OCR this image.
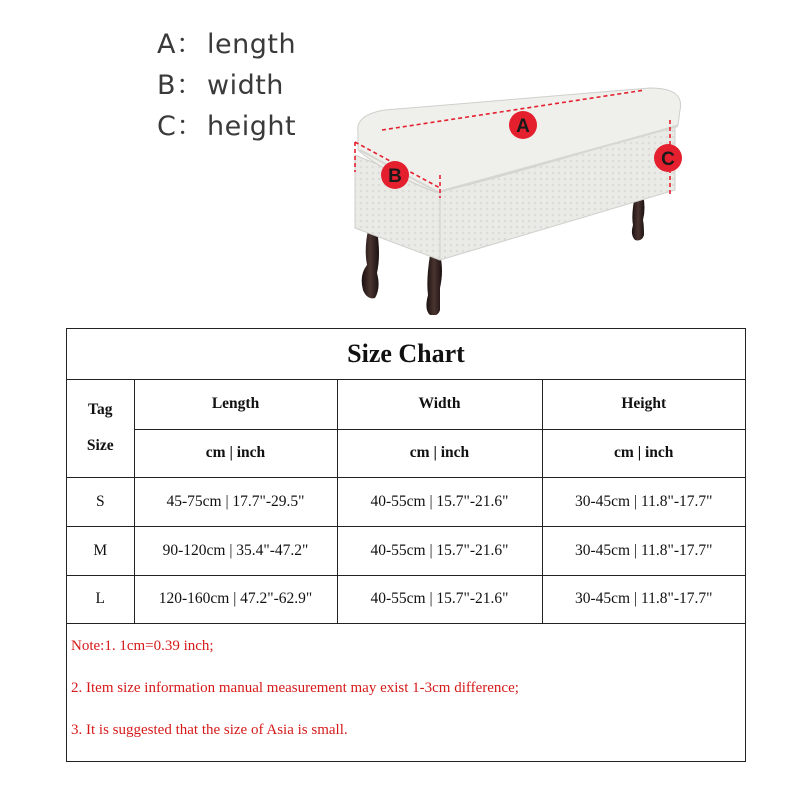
A： length
B： width
C： height	A
B
C
Size Chart
Tag
Size	Length	Width	Height
	cm | inch	cm | inch	cm | inch
S	45-75cm | 17.7"-29.5"	40-55cm | 15.7"-21.6"	30-45cm | 11.8"-17.7"
M	90-120cm | 35.4"-47.2"	40-55cm | 15.7"-21.6"	30-45cm | 11.8"-17.7"
L	120-160cm | 47.2"-62.9"	40-55cm | 15.7"-21.6"	30-45cm | 11.8"-17.7"
Note:1. 1cm=0.39 inch;
2. Item size information manual measurement may exist 1-3cm difference;
3. It is suggested that the size of Asia is small.
